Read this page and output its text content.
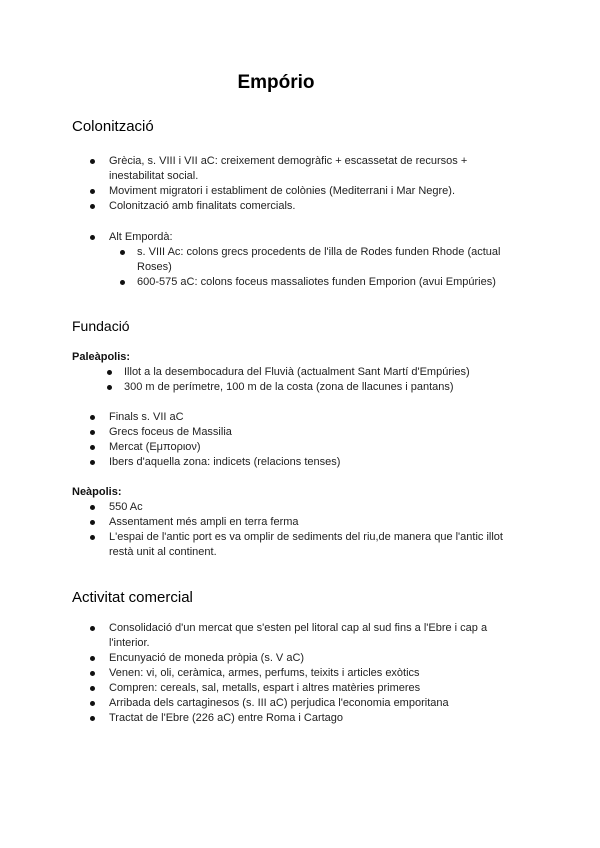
Empório
Colonització
Grècia, s. VIII i VII aC: creixement demogràfic + escassetat de recursos + inestabilitat social.
Moviment migratori i establiment de colònies (Mediterrani i Mar Negre).
Colonització amb finalitats comercials.
Alt Empordà:
s. VIII Ac: colons grecs procedents de l'illa de Rodes funden Rhode (actual Roses)
600-575 aC: colons foceus massaliotes funden Emporion (avui Empúries)
Fundació

Paleàpolis:

Illot a la desembocadura del Fluvià (actualment Sant Martí d'Empúries)
300 m de perímetre, 100 m de la costa (zona de llacunes i pantans)
Finals s. VII aC
Grecs foceus de Massilia
Mercat (Εμποριον)
Ibers d'aquella zona: indicets (relacions tenses)

Neàpolis:

550 Ac
Assentament més ampli en terra ferma
L'espai de l'antic port es va omplir de sediments del riu,de manera que l'antic illot restà unit al continent.
Activitat comercial
Consolidació d'un mercat que s'esten pel litoral cap al sud fins a l'Ebre i cap a l'interior.
Encunyació de moneda pròpia (s. V aC)
Venen: vi, oli, ceràmica, armes, perfums, teixits i articles exòtics
Compren: cereals, sal, metalls, espart i altres matèries primeres
Arribada dels cartaginesos (s. III aC) perjudica l'economia emporitana
Tractat de l'Ebre (226 aC) entre Roma i Cartago
